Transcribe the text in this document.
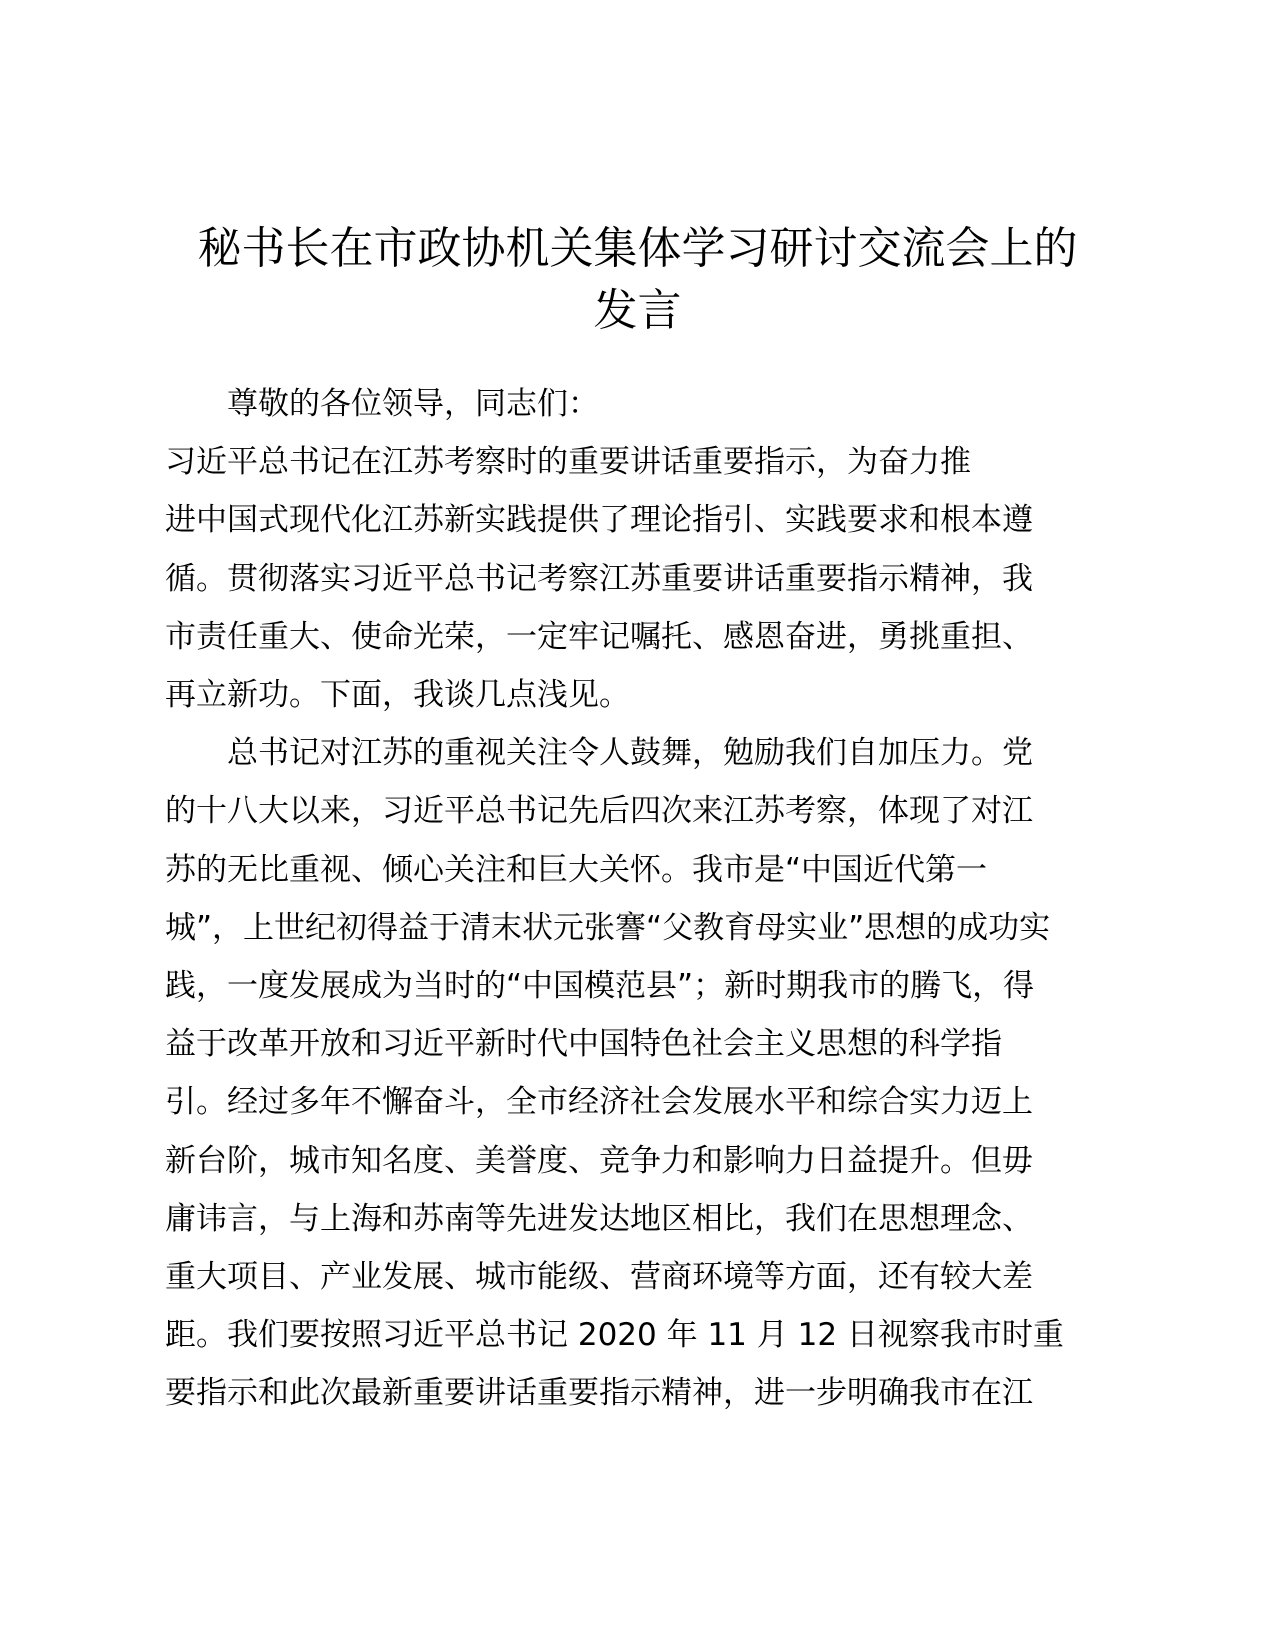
秘书长在市政协机关集体学习研讨交流会上的
发言

尊敬的各位领导，同志们：

习近平总书记在江苏考察时的重要讲话重要指示，为奋力推
进中国式现代化江苏新实践提供了理论指引、实践要求和根本遵
循。贯彻落实习近平总书记考察江苏重要讲话重要指示精神，我
市责任重大、使命光荣，一定牢记嘱托、感恩奋进，勇挑重担、
再立新功。下面，我谈几点浅见。

总书记对江苏的重视关注令人鼓舞，勉励我们自加压力。党
的十八大以来，习近平总书记先后四次来江苏考察，体现了对江
苏的无比重视、倾心关注和巨大关怀。我市是“中国近代第一
城”，上世纪初得益于清末状元张謇“父教育母实业”思想的成功实
践，一度发展成为当时的“中国模范县”；新时期我市的腾飞，得
益于改革开放和习近平新时代中国特色社会主义思想的科学指
引。经过多年不懈奋斗，全市经济社会发展水平和综合实力迈上
新台阶，城市知名度、美誉度、竞争力和影响力日益提升。但毋
庸讳言，与上海和苏南等先进发达地区相比，我们在思想理念、
重大项目、产业发展、城市能级、营商环境等方面，还有较大差
距。我们要按照习近平总书记 2020 年 11 月 12 日视察我市时重
要指示和此次最新重要讲话重要指示精神，进一步明确我市在江
